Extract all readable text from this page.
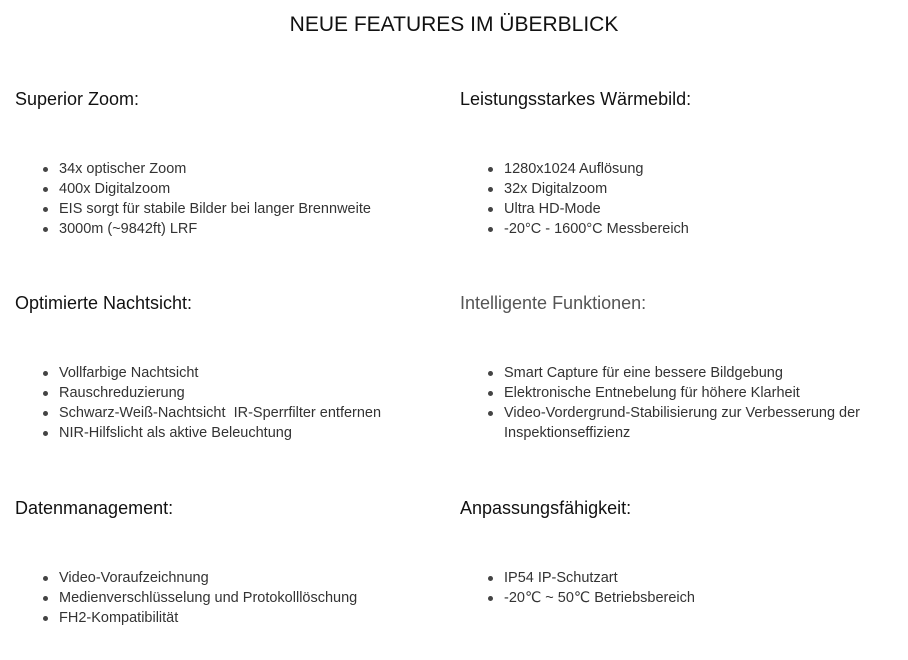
NEUE FEATURES IM ÜBERBLICK
Superior Zoom:
34x optischer Zoom
400x Digitalzoom
EIS sorgt für stabile Bilder bei langer Brennweite
3000m (~9842ft) LRF
Leistungsstarkes Wärmebild:
1280x1024 Auflösung
32x Digitalzoom
Ultra HD-Mode
-20°C - 1600°C Messbereich
Optimierte Nachtsicht:
Vollfarbige Nachtsicht
Rauschreduzierung
Schwarz-Weiß-Nachtsicht  IR-Sperrfilter entfernen
NIR-Hilfslicht als aktive Beleuchtung
Intelligente Funktionen:
Smart Capture für eine bessere Bildgebung
Elektronische Entnebelung für höhere Klarheit
Video-Vordergrund-Stabilisierung zur Verbesserung der Inspektionseffizienz
Datenmanagement:
Video-Voraufzeichnung
Medienverschlüsselung und Protokolllöschung
FH2-Kompatibilität
Anpassungsfähigkeit:
IP54 IP-Schutzart
-20℃ ~ 50℃ Betriebsbereich
